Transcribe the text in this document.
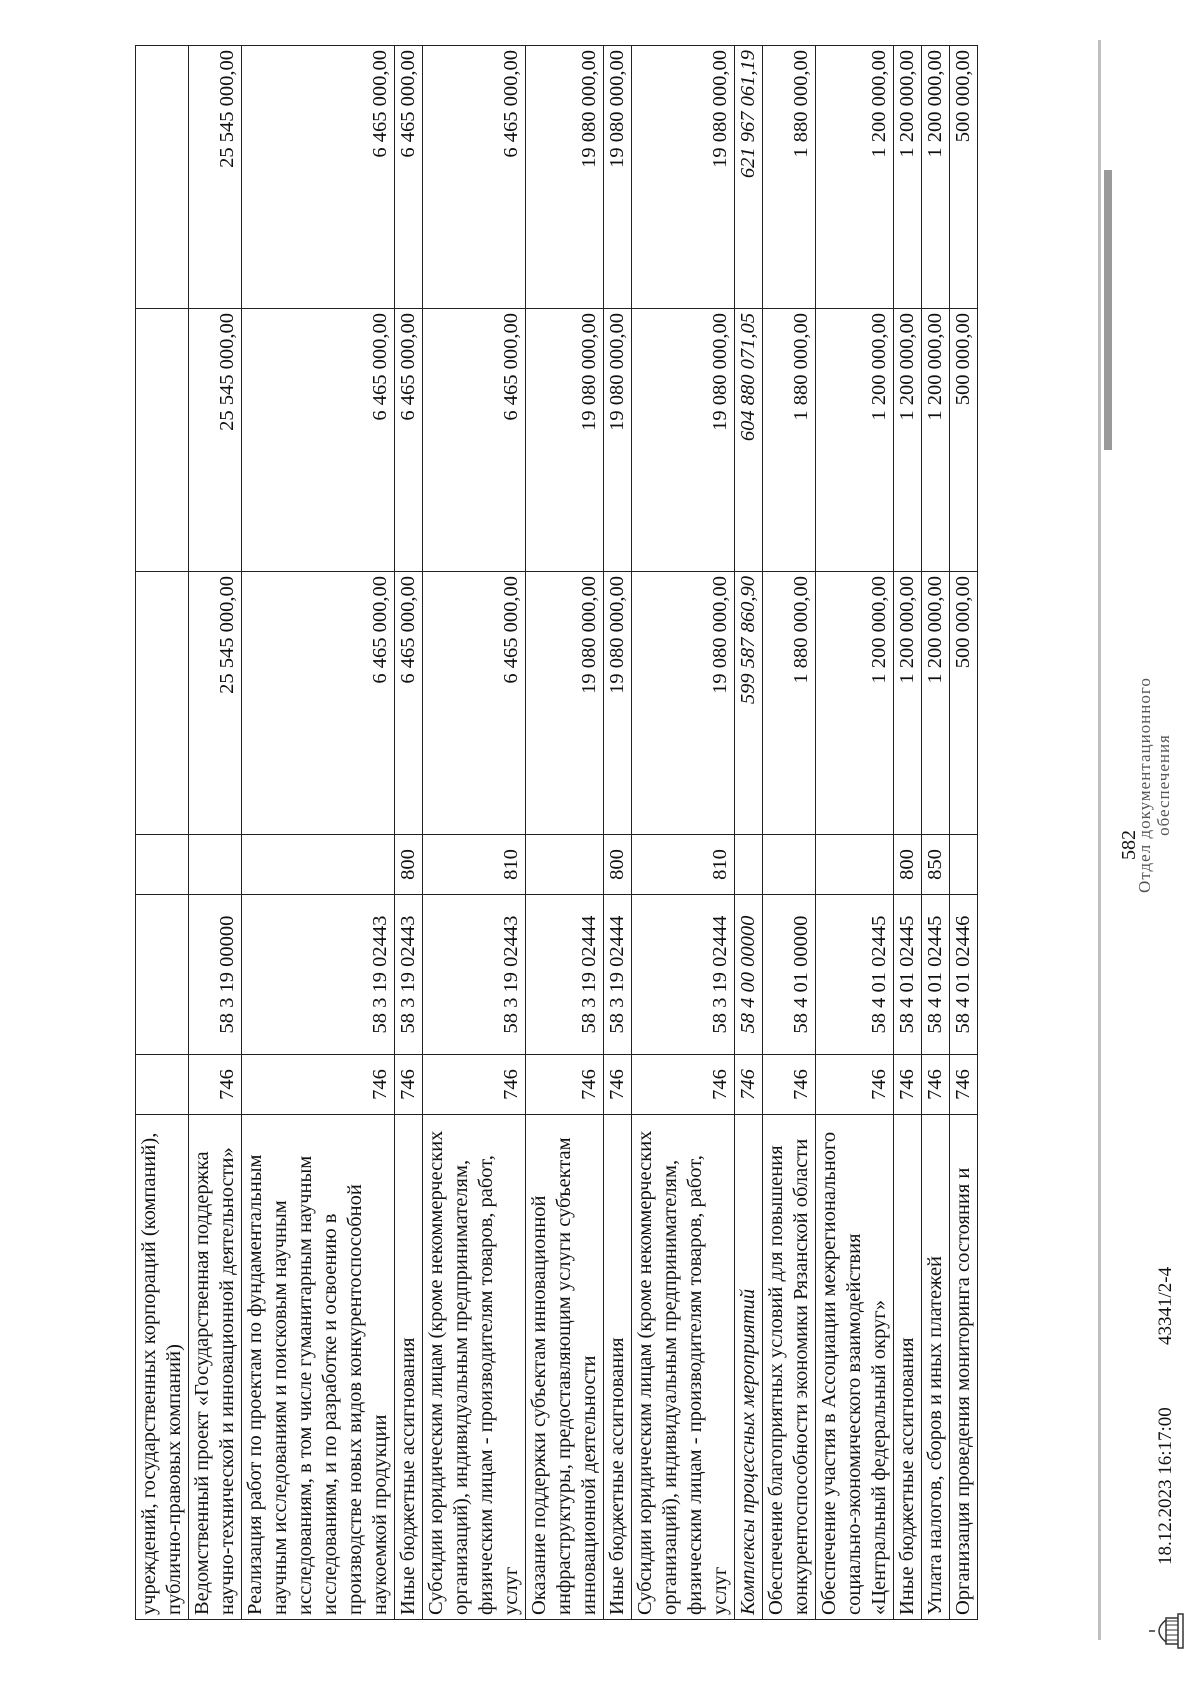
582
учреждений, государственных корпораций (компаний), публично-правовых компаний)						
Ведомственный проект «Государственная поддержка научно-технической и инновационной деятельности»	746	58 3 19 00000		25 545 000,00	25 545 000,00	25 545 000,00
Реализация работ по проектам по фундаментальным научным исследованиям и поисковым научным исследованиям, в том числе гуманитарным научным исследованиям, и по разработке и освоению в производстве новых видов конкурентоспособной наукоемкой продукции	746	58 3 19 02443		6 465 000,00	6 465 000,00	6 465 000,00
Иные бюджетные ассигнования	746	58 3 19 02443	800	6 465 000,00	6 465 000,00	6 465 000,00
Субсидии юридическим лицам (кроме некоммерческих организаций), индивидуальным предпринимателям, физическим лицам - производителям товаров, работ, услуг	746	58 3 19 02443	810	6 465 000,00	6 465 000,00	6 465 000,00
Оказание поддержки субъектам инновационной инфраструктуры, предоставляющим услуги субъектам инновационной деятельности	746	58 3 19 02444		19 080 000,00	19 080 000,00	19 080 000,00
Иные бюджетные ассигнования	746	58 3 19 02444	800	19 080 000,00	19 080 000,00	19 080 000,00
Субсидии юридическим лицам (кроме некоммерческих организаций), индивидуальным предпринимателям, физическим лицам - производителям товаров, работ, услуг	746	58 3 19 02444	810	19 080 000,00	19 080 000,00	19 080 000,00
Комплексы процессных мероприятий	746	58 4 00 00000		599 587 860,90	604 880 071,05	621 967 061,19
Обеспечение благоприятных условий для повышения конкурентоспособности экономики Рязанской области	746	58 4 01 00000		1 880 000,00	1 880 000,00	1 880 000,00
Обеспечение участия в Ассоциации межрегионального социально-экономического взаимодействия «Центральный федеральный округ»	746	58 4 01 02445		1 200 000,00	1 200 000,00	1 200 000,00
Иные бюджетные ассигнования	746	58 4 01 02445	800	1 200 000,00	1 200 000,00	1 200 000,00
Уплата налогов, сборов и иных платежей	746	58 4 01 02445	850	1 200 000,00	1 200 000,00	1 200 000,00
Организация проведения мониторинга состояния и	746	58 4 01 02446		500 000,00	500 000,00	500 000,00
18.12.2023 16:17:00
43341/2-4
Отдел документационного обеспечения
